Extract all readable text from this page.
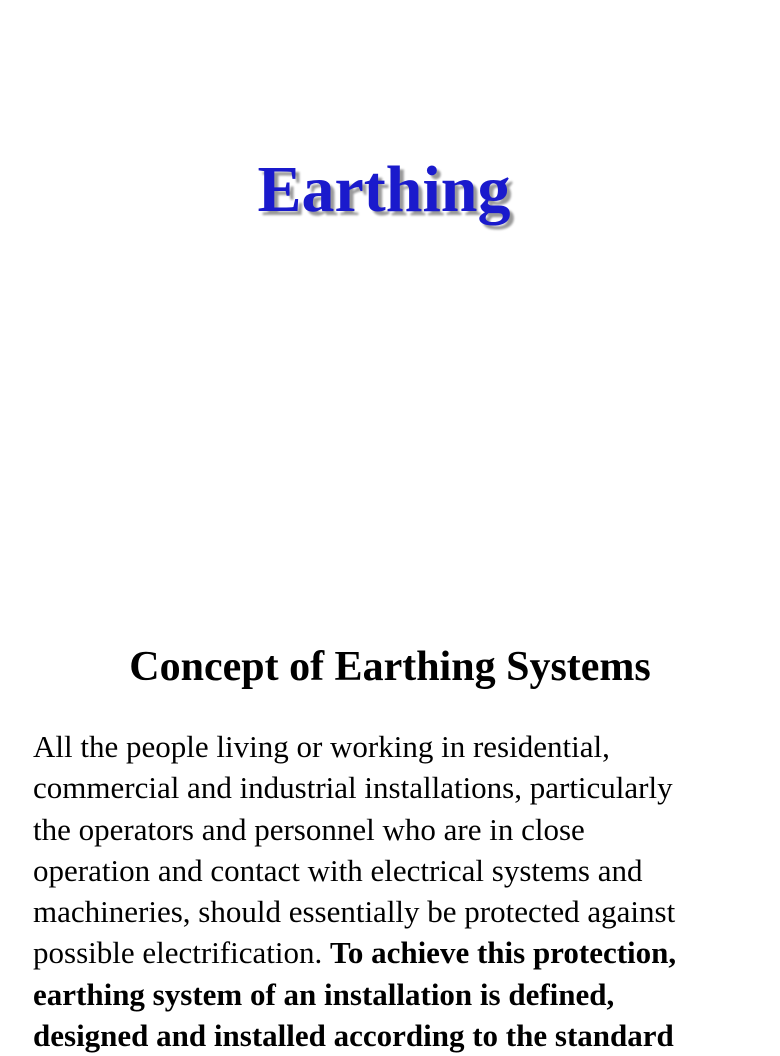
Earthing
Concept of Earthing Systems
All the people living or working in residential,
commercial and industrial installations, particularly
the operators and personnel who are in close
operation and contact with electrical systems and
machineries, should essentially be protected against
possible electrification. To achieve this protection,
earthing system of an installation is defined,
designed and installed according to the standard
